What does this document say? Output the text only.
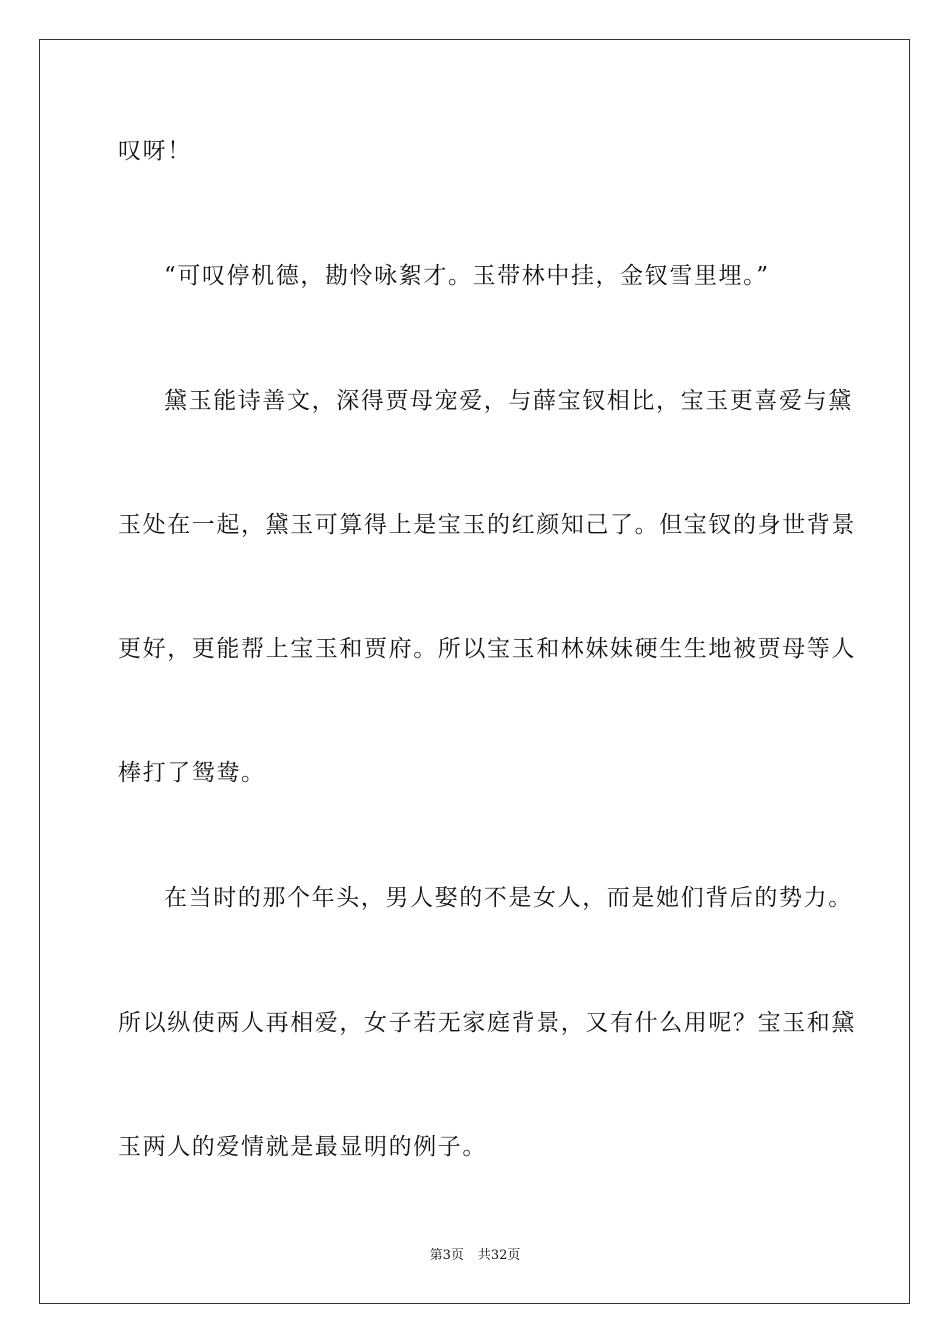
叹呀！
“可叹停机德，勘怜咏絮才。玉带林中挂，金钗雪里埋。”
黛玉能诗善文，深得贾母宠爱，与薛宝钗相比，宝玉更喜爱与黛
玉处在一起，黛玉可算得上是宝玉的红颜知己了。但宝钗的身世背景
更好，更能帮上宝玉和贾府。所以宝玉和林妹妹硬生生地被贾母等人
棒打了鸳鸯。
在当时的那个年头，男人娶的不是女人，而是她们背后的势力。
所以纵使两人再相爱，女子若无家庭背景，又有什么用呢？宝玉和黛
玉两人的爱情就是最显明的例子。
第3页 共32页
